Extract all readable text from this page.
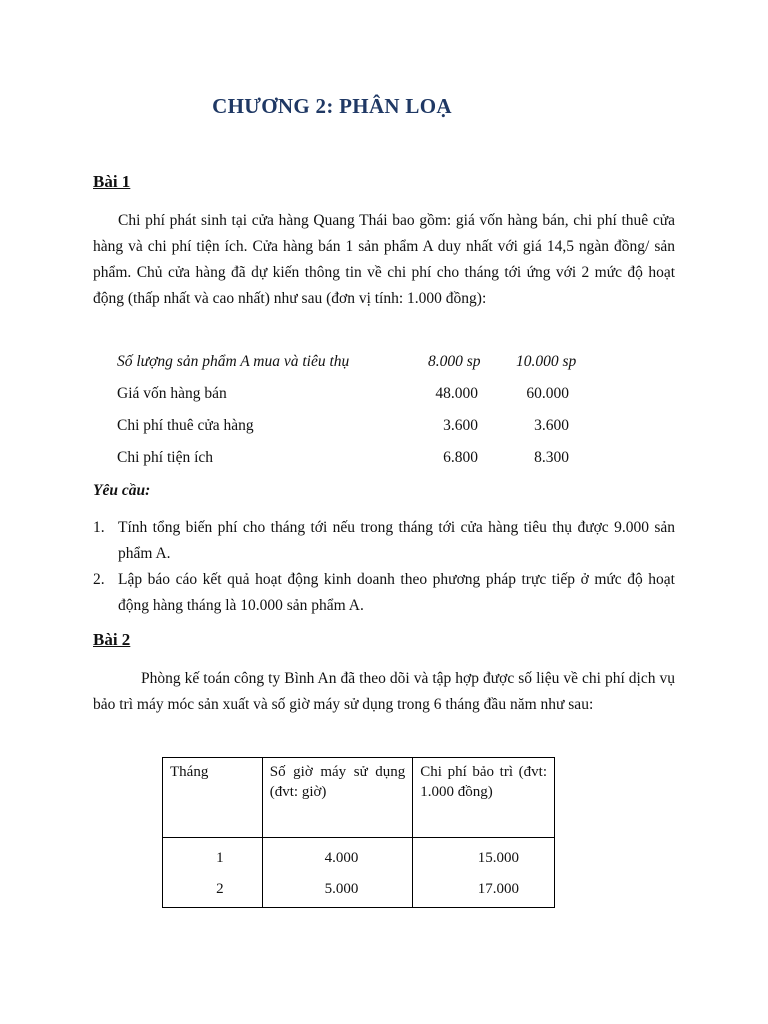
CHƯƠNG 2: PHÂN LOẠ
Bài 1
Chi phí phát sinh tại cửa hàng Quang Thái bao gồm: giá vốn hàng bán, chi phí thuê cửa hàng và chi phí tiện ích. Cửa hàng bán 1 sản phẩm A duy nhất với giá 14,5 ngàn đồng/ sản phẩm. Chủ cửa hàng đã dự kiến thông tin về chi phí cho tháng tới ứng với 2 mức độ hoạt động (thấp nhất và cao nhất) như sau (đơn vị tính: 1.000 đồng):
Số lượng sản phẩm A mua và tiêu thụ	8.000 sp 10.000 sp
Giá vốn hàng bán	48.000	60.000
Chi phí thuê cửa hàng	3.600	3.600
Chi phí tiện ích	6.800	8.300
Yêu cầu:
1. Tính tổng biến phí cho tháng tới nếu trong tháng tới cửa hàng tiêu thụ được 9.000 sản phẩm A.
2. Lập báo cáo kết quả hoạt động kinh doanh theo phương pháp trực tiếp ở mức độ hoạt động hàng tháng là 10.000 sản phẩm A.
Bài 2
Phòng kế toán công ty Bình An đã theo dõi và tập hợp được số liệu về chi phí dịch vụ bảo trì máy móc sản xuất và số giờ máy sử dụng trong 6 tháng đầu năm như sau:
Tháng	Số giờ máy sử dụng (đvt: giờ)	Chi phí bảo trì (đvt: 1.000 đồng)

1	4.000	15.000

2	5.000	17.000
